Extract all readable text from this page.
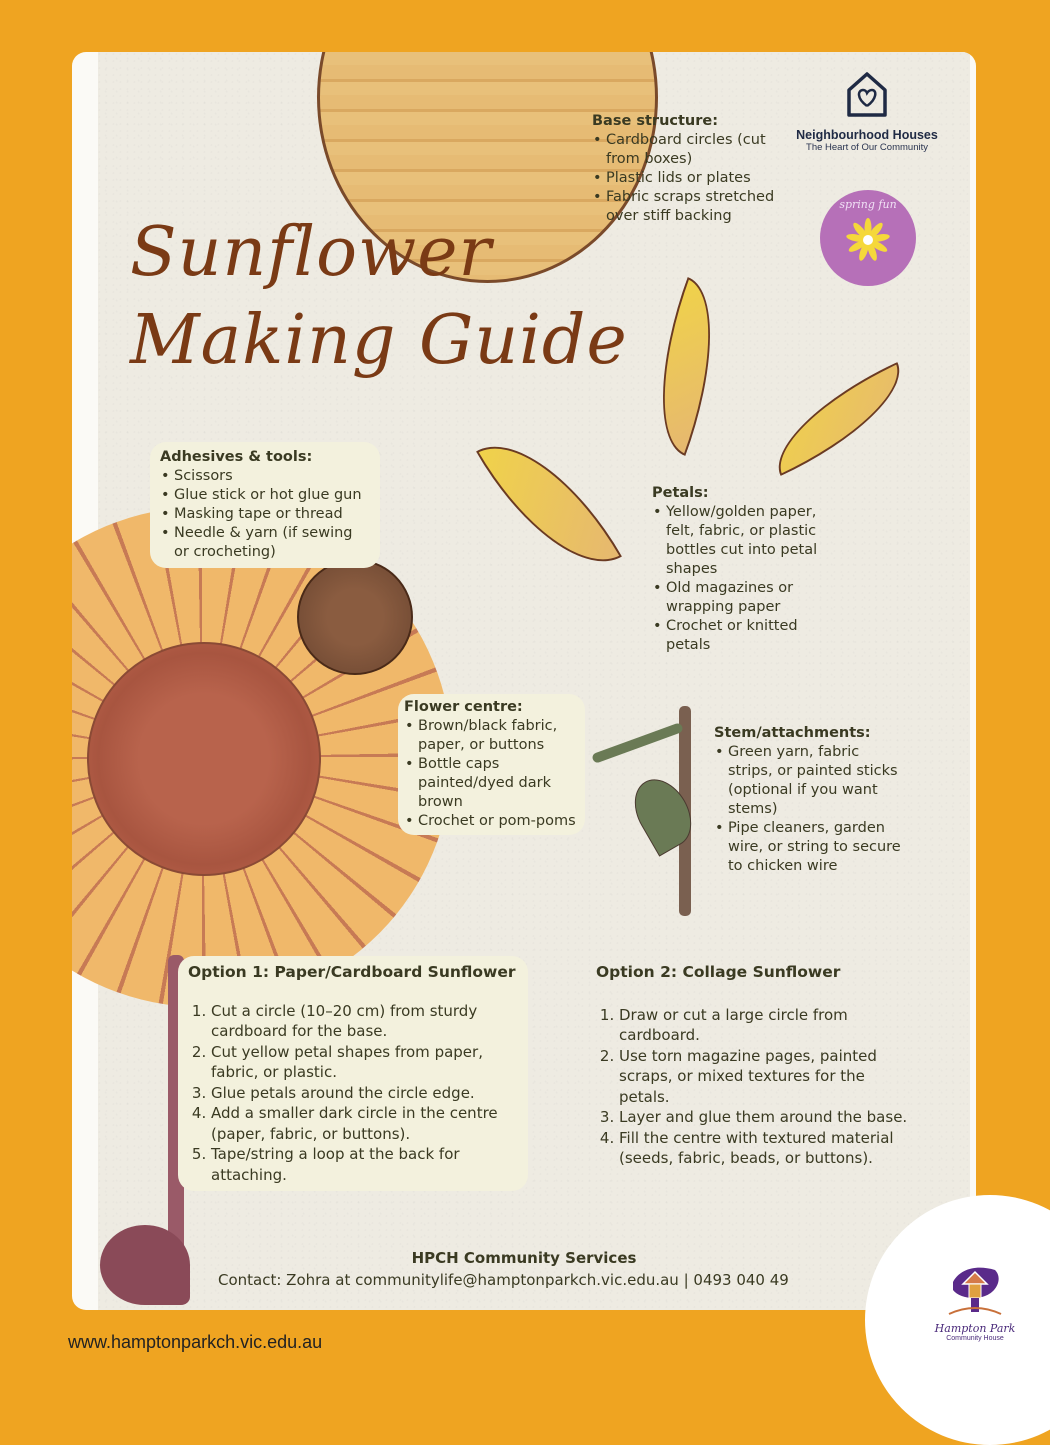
Sunflower
Making Guide
Base structure:
• Cardboard circles (cut from boxes)
• Plastic lids or plates
• Fabric scraps stretched over stiff backing
Adhesives & tools:
• Scissors
• Glue stick or hot glue gun
• Masking tape or thread
• Needle & yarn (if sewing or crocheting)
Petals:
• Yellow/golden paper, felt, fabric, or plastic bottles cut into petal shapes
• Old magazines or wrapping paper
• Crochet or knitted petals
Flower centre:
• Brown/black fabric, paper, or buttons
• Bottle caps painted/dyed dark brown
• Crochet or pom-poms
Stem/attachments:
• Green yarn, fabric strips, or painted sticks (optional if you want stems)
• Pipe cleaners, garden wire, or string to secure to chicken wire
Option 1: Paper/Cardboard Sunflower
1. Cut a circle (10–20 cm) from sturdy cardboard for the base.
2. Cut yellow petal shapes from paper, fabric, or plastic.
3. Glue petals around the circle edge.
4. Add a smaller dark circle in the centre (paper, fabric, or buttons).
5. Tape/string a loop at the back for attaching.
Option 2: Collage Sunflower
1. Draw or cut a large circle from cardboard.
2. Use torn magazine pages, painted scraps, or mixed textures for the petals.
3. Layer and glue them around the base.
4. Fill the centre with textured material (seeds, fabric, beads, or buttons).
HPCH Community Services
Contact: Zohra at communitylife@hamptonparkch.vic.edu.au | 0493 040 49
Neighbourhood Houses
The Heart of Our Community
spring fun
www.hamptonparkch.vic.edu.au
Hampton Park
Community House
